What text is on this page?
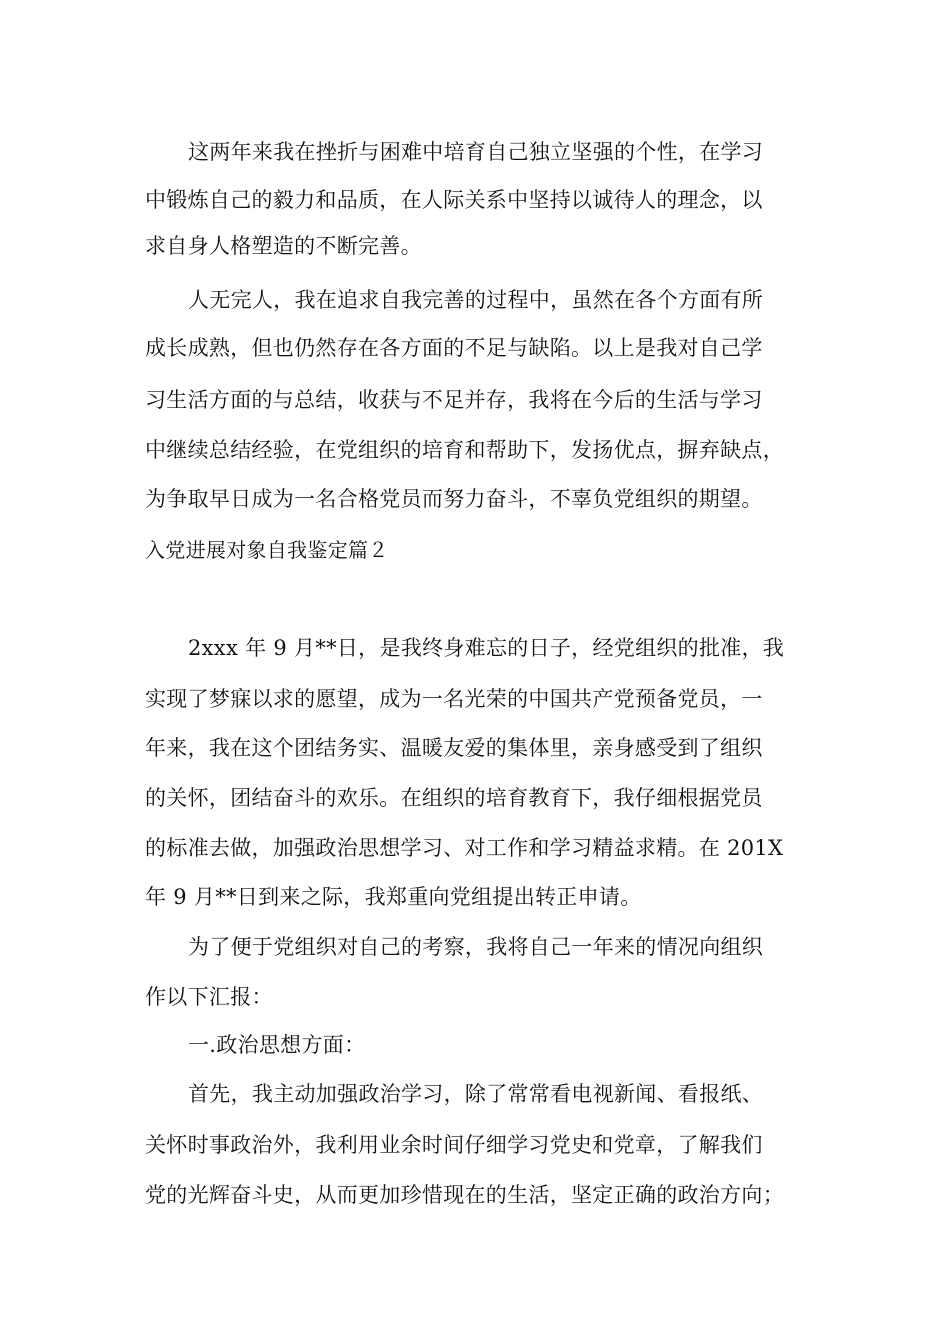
这两年来我在挫折与困难中培育自己独立坚强的个性，在学习
中锻炼自己的毅力和品质，在人际关系中坚持以诚待人的理念，以
求自身人格塑造的不断完善。
人无完人，我在追求自我完善的过程中，虽然在各个方面有所
成长成熟，但也仍然存在各方面的不足与缺陷。以上是我对自己学
习生活方面的与总结，收获与不足并存，我将在今后的生活与学习
中继续总结经验，在党组织的培育和帮助下，发扬优点，摒弃缺点，
为争取早日成为一名合格党员而努力奋斗，不辜负党组织的期望。
入党进展对象自我鉴定篇２
2xxx 年 9 月**日，是我终身难忘的日子，经党组织的批准，我
实现了梦寐以求的愿望，成为一名光荣的中国共产党预备党员，一
年来，我在这个团结务实、温暖友爱的集体里，亲身感受到了组织
的关怀，团结奋斗的欢乐。在组织的培育教育下，我仔细根据党员
的标准去做，加强政治思想学习、对工作和学习精益求精。在 201X
年 9 月**日到来之际，我郑重向党组提出转正申请。
为了便于党组织对自己的考察，我将自己一年来的情况向组织
作以下汇报：
一.政治思想方面：
首先，我主动加强政治学习，除了常常看电视新闻、看报纸、
关怀时事政治外，我利用业余时间仔细学习党史和党章，了解我们
党的光辉奋斗史，从而更加珍惜现在的生活，坚定正确的政治方向；
